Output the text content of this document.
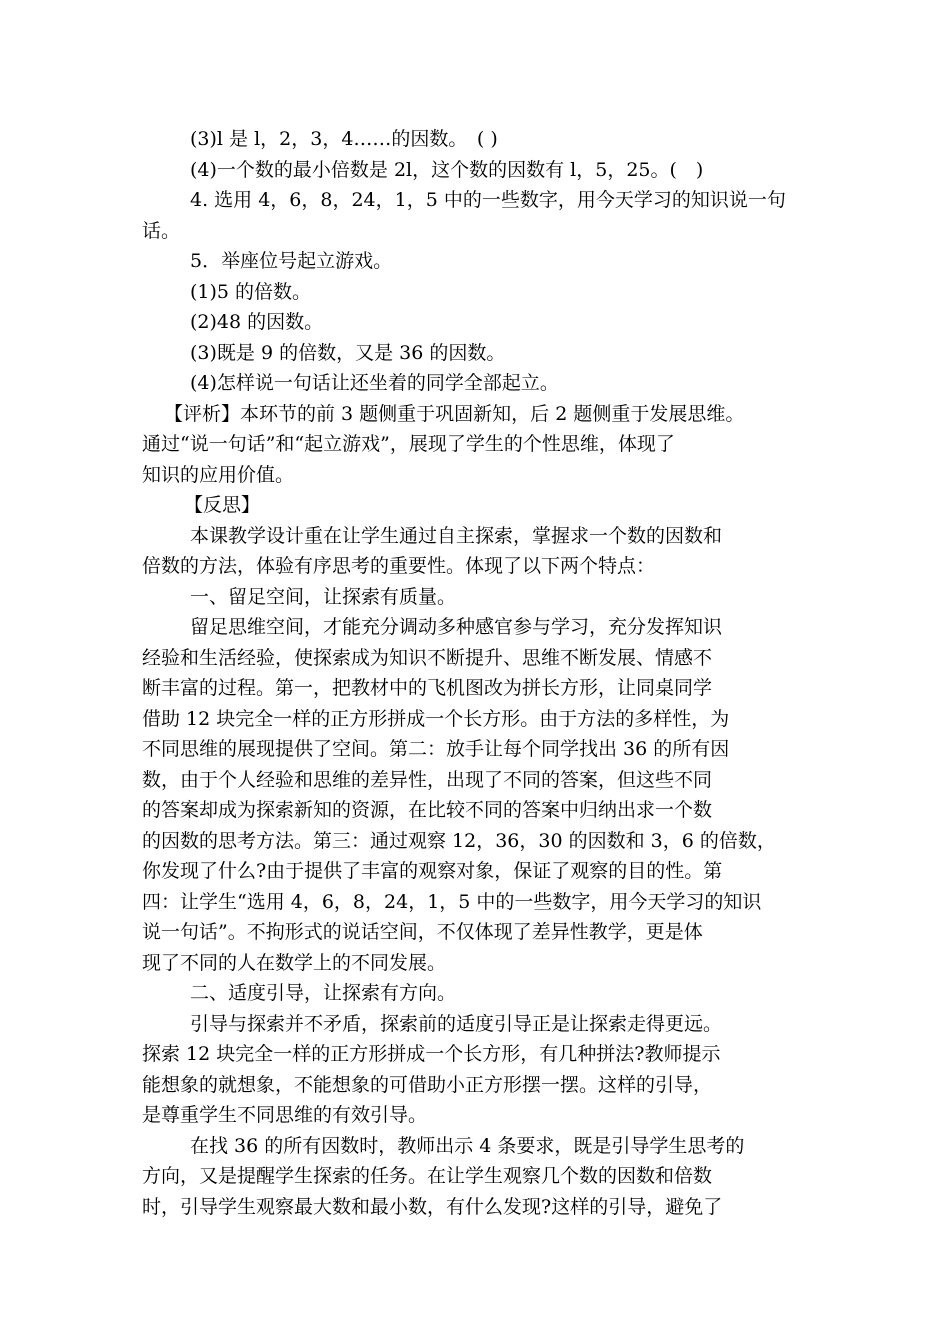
(3)l 是 l，2，3，4……的因数。　( )
(4)一个数的最小倍数是 2l，这个数的因数有 l，5，25。(　)
4. 选用 4，6，8，24，1，5 中的一些数字，用今天学习的知识说一句
话。
5．举座位号起立游戏。
(1)5 的倍数。
(2)48 的因数。
(3)既是 9 的倍数，又是 36 的因数。
(4)怎样说一句话让还坐着的同学全部起立。
【评析】本环节的前 3 题侧重于巩固新知，后 2 题侧重于发展思维。
通过“说一句话”和“起立游戏”，展现了学生的个性思维，体现了
知识的应用价值。
【反思】
本课教学设计重在让学生通过自主探索，掌握求一个数的因数和
倍数的方法，体验有序思考的重要性。体现了以下两个特点：
一、留足空间，让探索有质量。
留足思维空间，才能充分调动多种感官参与学习，充分发挥知识
经验和生活经验，使探索成为知识不断提升、思维不断发展、情感不
断丰富的过程。第一，把教材中的飞机图改为拼长方形，让同桌同学
借助 12 块完全一样的正方形拼成一个长方形。由于方法的多样性，为
不同思维的展现提供了空间。第二：放手让每个同学找出 36 的所有因
数，由于个人经验和思维的差异性，出现了不同的答案，但这些不同
的答案却成为探索新知的资源，在比较不同的答案中归纳出求一个数
的因数的思考方法。第三：通过观察 12，36，30 的因数和 3，6 的倍数，
你发现了什么?由于提供了丰富的观察对象，保证了观察的目的性。第
四：让学生“选用 4，6，8，24，1，5 中的一些数字，用今天学习的知识
说一句话”。不拘形式的说话空间，不仅体现了差异性教学，更是体
现了不同的人在数学上的不同发展。
二、适度引导，让探索有方向。
引导与探索并不矛盾，探索前的适度引导正是让探索走得更远。
探索 12 块完全一样的正方形拼成一个长方形，有几种拼法?教师提示
能想象的就想象，不能想象的可借助小正方形摆一摆。这样的引导，
是尊重学生不同思维的有效引导。
在找 36 的所有因数时，教师出示 4 条要求，既是引导学生思考的
方向，又是提醒学生探索的任务。在让学生观察几个数的因数和倍数
时，引导学生观察最大数和最小数，有什么发现?这样的引导，避免了
